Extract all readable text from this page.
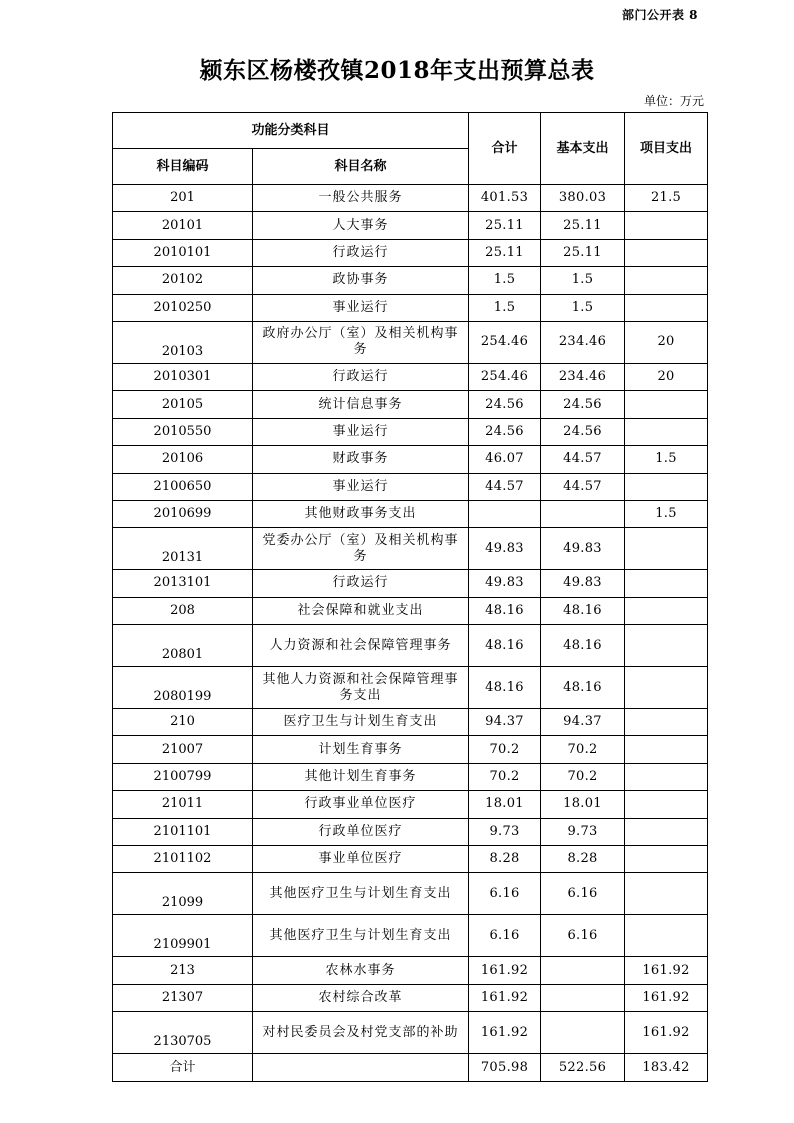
部门公开表 8
颍东区杨楼孜镇2018年支出预算总表
单位：万元
功能分类科目		合计	基本支出	项目支出
科目编码	科目名称			
201	一般公共服务	401.53	380.03	21.5
20101	人大事务	25.11	25.11	
2010101	行政运行	25.11	25.11	
20102	政协事务	1.5	1.5	
2010250	事业运行	1.5	1.5	
20103	政府办公厅（室）及相关机构事务	254.46	234.46	20
2010301	行政运行	254.46	234.46	20
20105	统计信息事务	24.56	24.56	
2010550	事业运行	24.56	24.56	
20106	财政事务	46.07	44.57	1.5
2100650	事业运行	44.57	44.57	
2010699	其他财政事务支出			1.5
20131	党委办公厅（室）及相关机构事务	49.83	49.83	
2013101	行政运行	49.83	49.83	
208	社会保障和就业支出	48.16	48.16	
20801	人力资源和社会保障管理事务	48.16	48.16	
2080199	其他人力资源和社会保障管理事务支出	48.16	48.16	
210	医疗卫生与计划生育支出	94.37	94.37	
21007	计划生育事务	70.2	70.2	
2100799	其他计划生育事务	70.2	70.2	
21011	行政事业单位医疗	18.01	18.01	
2101101	行政单位医疗	9.73	9.73	
2101102	事业单位医疗	8.28	8.28	
21099	其他医疗卫生与计划生育支出	6.16	6.16	
2109901	其他医疗卫生与计划生育支出	6.16	6.16	
213	农林水事务	161.92		161.92
21307	农村综合改革	161.92		161.92
2130705	对村民委员会及村党支部的补助	161.92		161.92
合计		705.98	522.56	183.42
